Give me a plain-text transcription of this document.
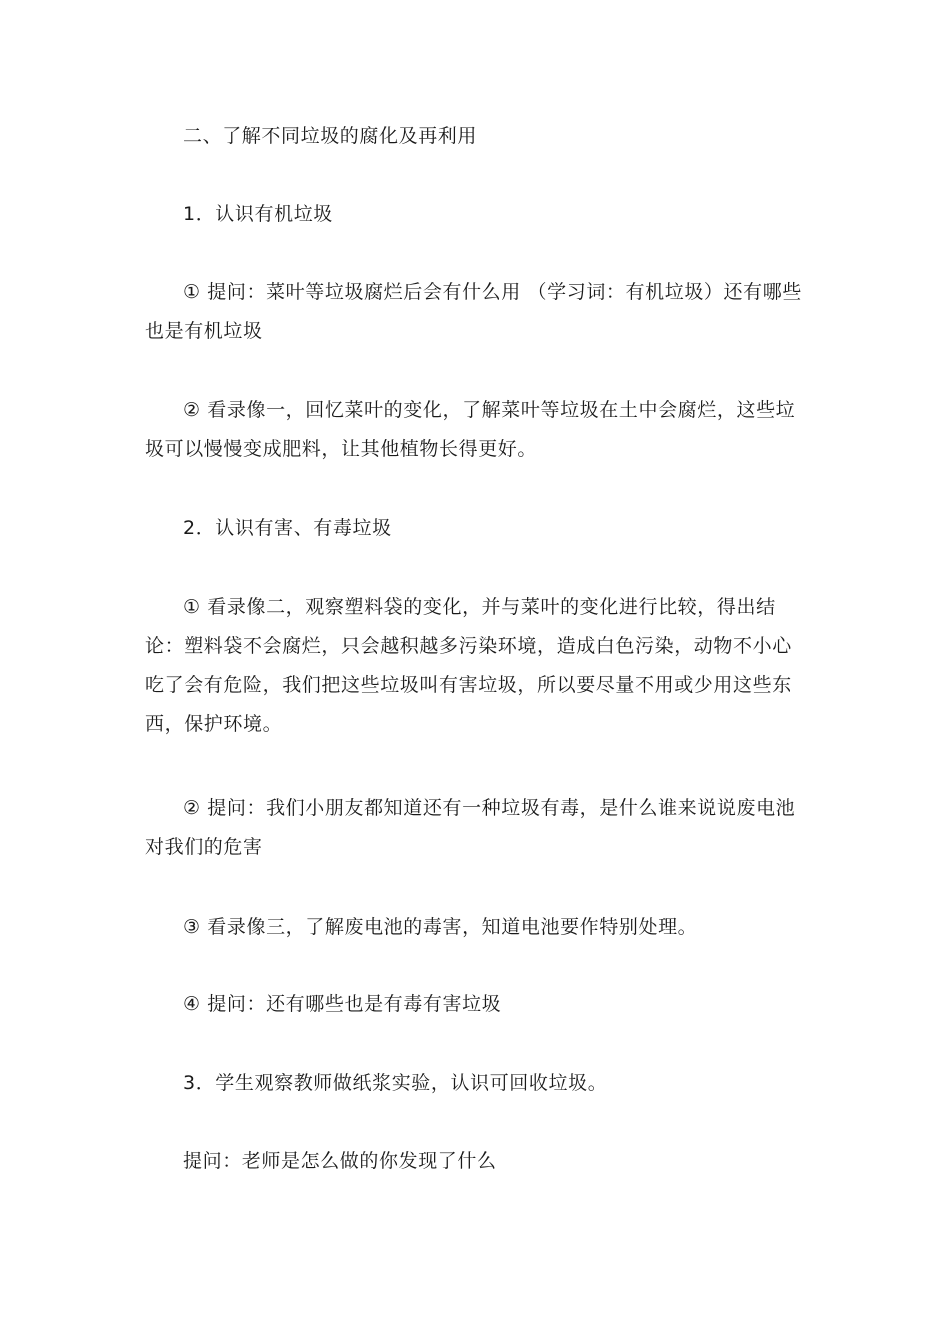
二、了解不同垃圾的腐化及再利用

1．认识有机垃圾

① 提问：菜叶等垃圾腐烂后会有什么用 （学习词：有机垃圾）还有哪些也是有机垃圾

② 看录像一，回忆菜叶的变化，了解菜叶等垃圾在土中会腐烂，这些垃圾可以慢慢变成肥料，让其他植物长得更好。

2．认识有害、有毒垃圾

① 看录像二，观察塑料袋的变化，并与菜叶的变化进行比较，得出结论：塑料袋不会腐烂，只会越积越多污染环境，造成白色污染，动物不小心吃了会有危险，我们把这些垃圾叫有害垃圾，所以要尽量不用或少用这些东西，保护环境。

② 提问：我们小朋友都知道还有一种垃圾有毒，是什么谁来说说废电池对我们的危害

③ 看录像三，了解废电池的毒害，知道电池要作特别处理。

④ 提问：还有哪些也是有毒有害垃圾

3．学生观察教师做纸浆实验，认识可回收垃圾。

提问：老师是怎么做的你发现了什么
